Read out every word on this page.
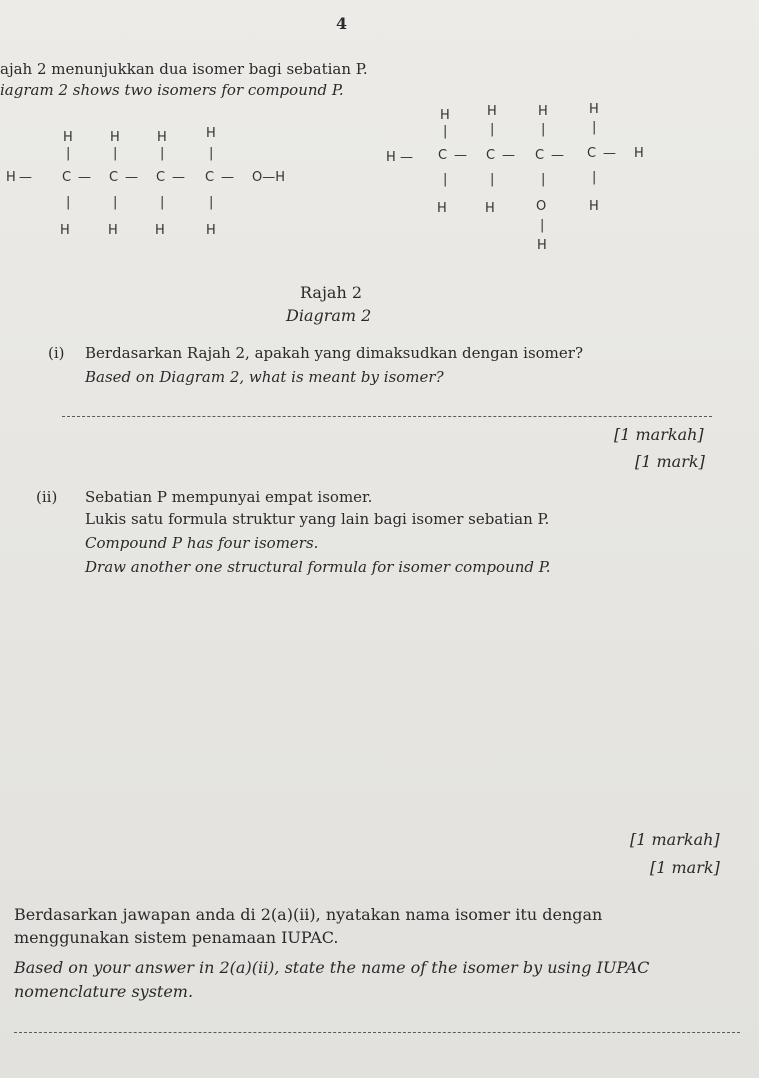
4
ajah 2 menunjukkan dua isomer bagi sebatian P.
iagram 2 shows two isomers for compound P.
H	H	H	H
|	|	|	|
H — C — C — C — C — O—H
|	|	|	|
H	H	H	H
H	H	H	H
|	|	|	|
H — C — C — C — C — H
|	|	|	|
H	H	O	H
|
H
Rajah 2
Diagram 2
(i) Berdasarkan Rajah 2, apakah yang dimaksudkan dengan isomer?
Based on Diagram 2, what is meant by isomer?
[1 markah]
[1 mark]
(ii) Sebatian P mempunyai empat isomer.
Lukis satu formula struktur yang lain bagi isomer sebatian P.
Compound P has four isomers.
Draw another one structural formula for isomer compound P.
[1 markah]
[1 mark]
Berdasarkan jawapan anda di 2(a)(ii), nyatakan nama isomer itu dengan
menggunakan sistem penamaan IUPAC.
Based on your answer in 2(a)(ii), state the name of the isomer by using IUPAC
nomenclature system.
